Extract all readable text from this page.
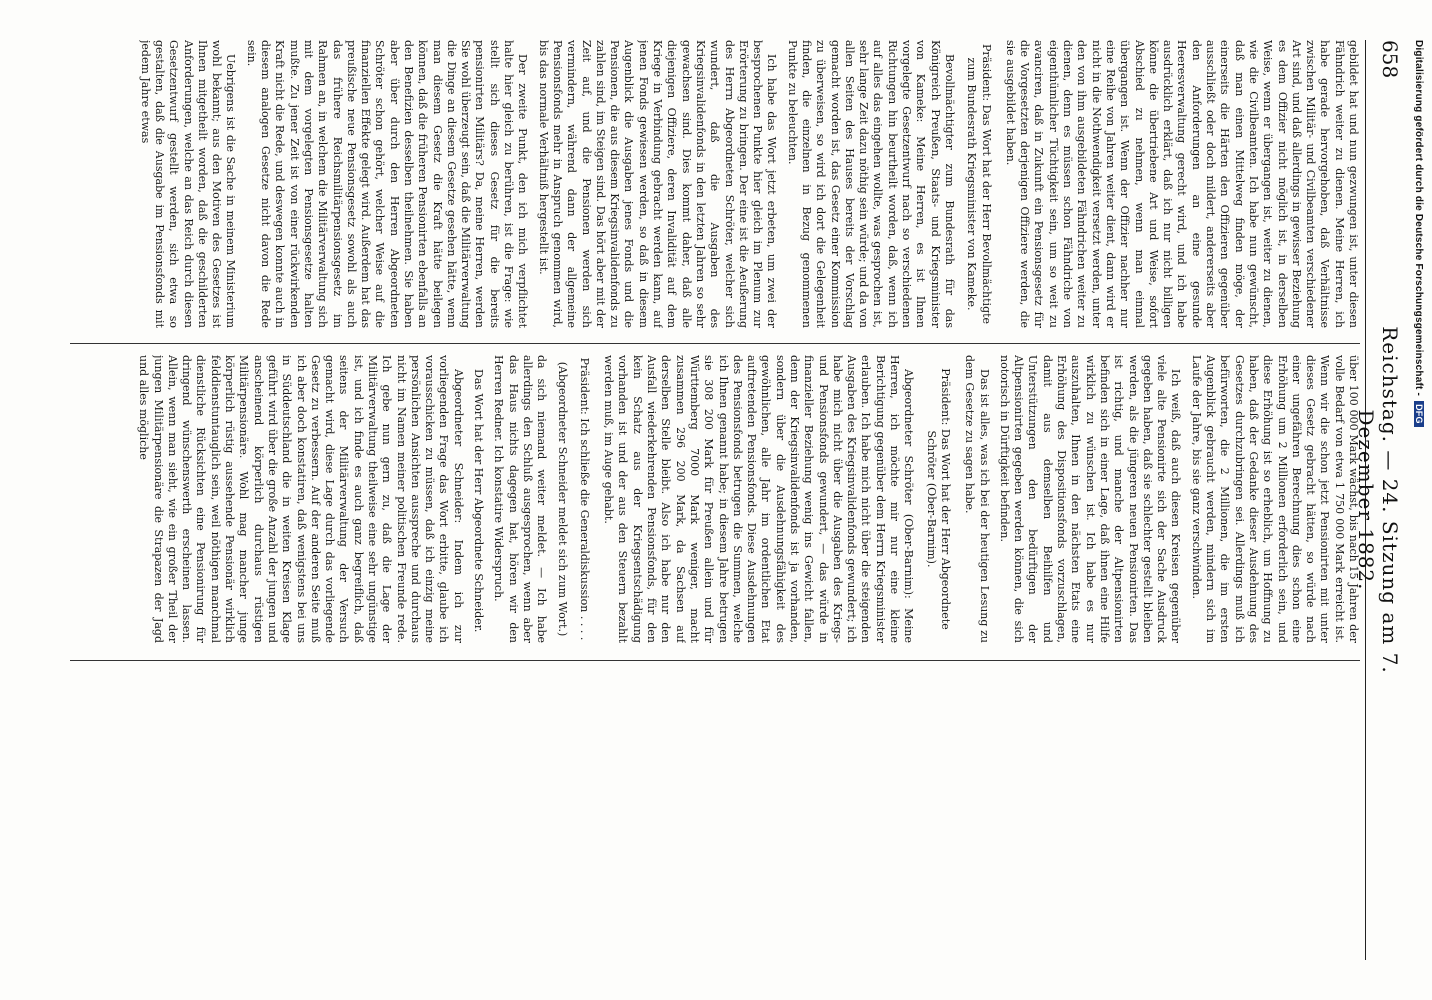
658
Reichstag. — 24. Sitzung am 7. Dezember 1882.

gebildet hat und nun gezwungen ist, unter diesen Fähndrich weiter zu dienen. Meine Herren, ich habe gerade hervorgehoben, daß Verhältnisse zwischen Militär- und Civilbeamten verschiedener Art sind, und daß allerdings in gewisser Beziehung es dem Offizier nicht möglich ist, in derselben Weise, wenn er übergangen ist, weiter zu dienen, wie die Civilbeamten. Ich habe nun gewünscht, daß man einen Mittelweg finden möge, der einerseits die Härten den Offizieren gegenüber ausschließt oder doch mildert, andererseits aber den Anforderungen an eine gesunde Heeresverwaltung gerecht wird, und ich habe ausdrücklich erklärt, daß ich nur nicht billigen könne die übertriebene Art und Weise, sofort Abschied zu nehmen, wenn man einmal übergangen ist. Wenn der Offizier nachher nur eine Reihe von Jahren weiter dient, dann wird er nicht in die Nothwendigkeit versetzt werden, unter den von ihm ausgebildeten Fähndrichen weiter zu dienen, denn es müssen schon Fähndriche von eigenthümlicher Tüchtigkeit sein, um so weit zu avanciren, daß in Zukunft ein Pensionsgesetz für die Vorgesetzten derjenigen Offiziere werden, die sie ausgebildet haben.

Präsident: Das Wort hat der Herr Bevollmächtigte zum Bundesrath Kriegsminister von Kameke.

Bevollmächtigter zum Bundesrath für das Königreich Preußen, Staats- und Kriegsminister von Kameke: Meine Herren, es ist Ihnen vorgelegte Gesetzentwurf nach so verschiedenen Richtungen hin beurtheilt worden, daß, wenn ich auf alles das eingehen wollte, was gesprochen ist, sehr lange Zeit dazu nöthig sein würde; und da von allen Seiten des Hauses bereits der Vorschlag gemacht worden ist, das Gesetz einer Kommission zu überweisen, so wird ich dort die Gelegenheit finden, die einzelnen in Bezug genommenen Punkte zu beleuchten.

Ich habe das Wort jetzt erbeten, um zwei der besprochenen Punkte hier gleich im Plenum zur Erörterung zu bringen. Der eine ist die Aeußerung des Herrn Abgeordneten Schröter, welcher sich wundert, daß die Ausgaben des Kriegsinvalidenfonds in den letzten Jahren so sehr gewachsen sind. Dies kommt daher, daß alle diejenigen Offiziere, deren Invalidität auf dem Kriege in Verbindung gebracht werden kann, auf jenen Fonds gewiesen werden, so daß in diesem Augenblick die Ausgaben jenes Fonds und die Pensionen, die aus diesem Kriegsinvalidenfonds zu zahlen sind, im Steigen sind. Das hört aber mit der Zeit auf, und die Pensionen werden sich vermindern, während dann der allgemeine Pensionsfonds mehr in Anspruch genommen wird, bis das normale Verhältniß hergestellt ist.

Der zweite Punkt, den ich mich verpflichtet halte hier gleich zu berühren, ist die Frage: wie stellt sich dieses Gesetz für die bereits pensionirten Militärs? Da, meine Herren, werden Sie wohl überzeugt sein, daß die Militärverwaltung die Dinge an diesem Gesetze gesehen hätte, wenn man diesem Gesetz die Kraft hätte beilegen können, daß die früheren Pensionirten ebenfalls an den Benefizien desselben theilnehmen. Sie haben aber über durch den Herren Abgeordneten Schröter schon gehört, welcher Weise auf die finanziellen Effekte gelegt wird. Außerdem hat das preußische neue Pensionsgesetz sowohl als auch das frühere Reichsmilitärpensionsgesetz im Rahmen an, in welchem die Militärverwaltung sich mit dem vorgelegten Pensionsgesetze halten mußte. Zu jener Zeit ist von einer rückwirkenden Kraft nicht die Rede, und deswegen konnte auch in diesem analogen Gesetze nicht davon die Rede sein.

Uebrigens ist die Sache in meinem Ministerium wohl bekannt; aus den Motiven des Gesetzes ist Ihnen mitgetheilt worden, daß die geschilderten Anforderungen, welche an das Reich durch diesen Gesetzentwurf gestellt werden, sich etwa so gestalten, daß die Ausgabe im Pensionsfonds mit jedem Jahre etwas

über 100 000 Mark wächst, bis nach 15 Jahren der volle Bedarf von etwa 1 750 000 Mark erreicht ist. Wenn wir die schon jetzt Pensionirten mit unter dieses Gesetz gebracht hätten, so würde nach einer ungefähren Berechnung dies schon eine Erhöhung um 2 Millionen erforderlich sein, und diese Erhöhung ist so erheblich, um Hoffnung zu haben, daß der Gedanke dieser Ausdehnung des Gesetzes durchzubringen sei. Allerdings muß ich befürworten, die 2 Millionen, die im ersten Augenblick gebraucht werden, mindern sich im Laufe der Jahre, bis sie ganz verschwinden.

Ich weiß, daß auch diesen Kreisen gegenüber viele alte Pensionirte sich der Sache Ausdruck gegeben haben, daß sie schlechter gestellt bleiben werden, als die jüngeren neuen Pensionirten. Das ist richtig, und manche der Altpensionirten befinden sich in einer Lage, daß ihnen eine Hilfe wirklich zu wünschen ist. Ich habe es nur auszuhalten, Ihnen in den nächsten Etats eine Erhöhung des Dispositionsfonds vorzuschlagen, damit aus demselben Beihilfen und Unterstützungen den bedürftigen der Altpensionirten gegeben werden können, die sich notorisch in Dürftigkeit befinden.

Das ist alles, was ich bei der heutigen Lesung zu dem Gesetze zu sagen habe.

Präsident: Das Wort hat der Herr Abgeordnete Schröter (Ober-Barnim).

Abgeordneter Schröter (Ober-Barnim): Meine Herren, ich möchte mir nur eine kleine Berichtigung gegenüber dem Herrn Kriegsminister erlauben. Ich habe mich nicht über die steigenden Ausgaben des Kriegsinvalidenfonds gewundert; ich habe mich nicht über die Ausgaben des Kriegs- und Pensionsfonds gewundert, — das würde in finanzieller Beziehung wenig ins Gewicht fallen, denn der Kriegsinvalidenfonds ist ja vorhanden, sondern über die Ausdehnungsfähigkeit des gewöhnlichen, alle Jahr im ordentlichen Etat auftretenden Pensionsfonds. Diese Ausdehnungen des Pensionsfonds betrugen die Summen, welche ich Ihnen genannt habe; in diesem Jahre betrugen sie 308 200 Mark für Preußen allein und für Württemberg 7000 Mark weniger, macht zusammen 296 200 Mark, da Sachsen auf derselben Stelle bleibt. Also ich habe nur den Ausfall wiederkehrenden Pensionsfonds, für den kein Schatz aus der Kriegsentschädigung vorhanden ist und der aus den Steuern bezahlt werden muß, im Auge gehabt.

Präsident: Ich schließe die Generaldiskussion . . . .

(Abgeordneter Schneider meldet sich zum Wort.)

da sich niemand weiter meldet. — Ich habe allerdings den Schluß ausgesprochen, wenn aber das Haus nichts dagegen hat, hören wir den Herren Redner. Ich konstatire Widerspruch.

Das Wort hat der Herr Abgeordnete Schneider.

Abgeordneter Schneider: Indem ich zur vorliegenden Frage das Wort erbitte, glaube ich vorausschicken zu müssen, daß ich einzig meine persönlichen Ansichten ausspreche und durchaus nicht im Namen meiner politischen Freunde rede. Ich gebe nun gern zu, daß die Lage der Militärverwaltung theilweise eine sehr ungünstige ist, und ich finde es auch ganz begreiflich, daß seitens der Militärverwaltung der Versuch gemacht wird, diese Lage durch das vorliegende Gesetz zu verbessern. Auf der anderen Seite muß ich aber doch konstatiren, daß wenigstens bei uns in Süddeutschland die in weiten Kreisen Klage geführt wird über die große Anzahl der jungen und anscheinend körperlich durchaus rüstigen Militärpensionäre. Wohl mag mancher junge körperlich rüstig aussehende Pensionär wirklich felddienstuntauglich sein, weil nöthigen manchmal dienstliche Rücksichten eine Pensionirung für dringend wünschenswerth erscheinen lassen. Allein, wenn man sieht, wie ein großer Theil der jungen Militärpensionäre die Strapazen der Jagd und alles mögliche

Digitalisierung gefördert durch die Deutsche Forschungsgemeinschaft - DFG
